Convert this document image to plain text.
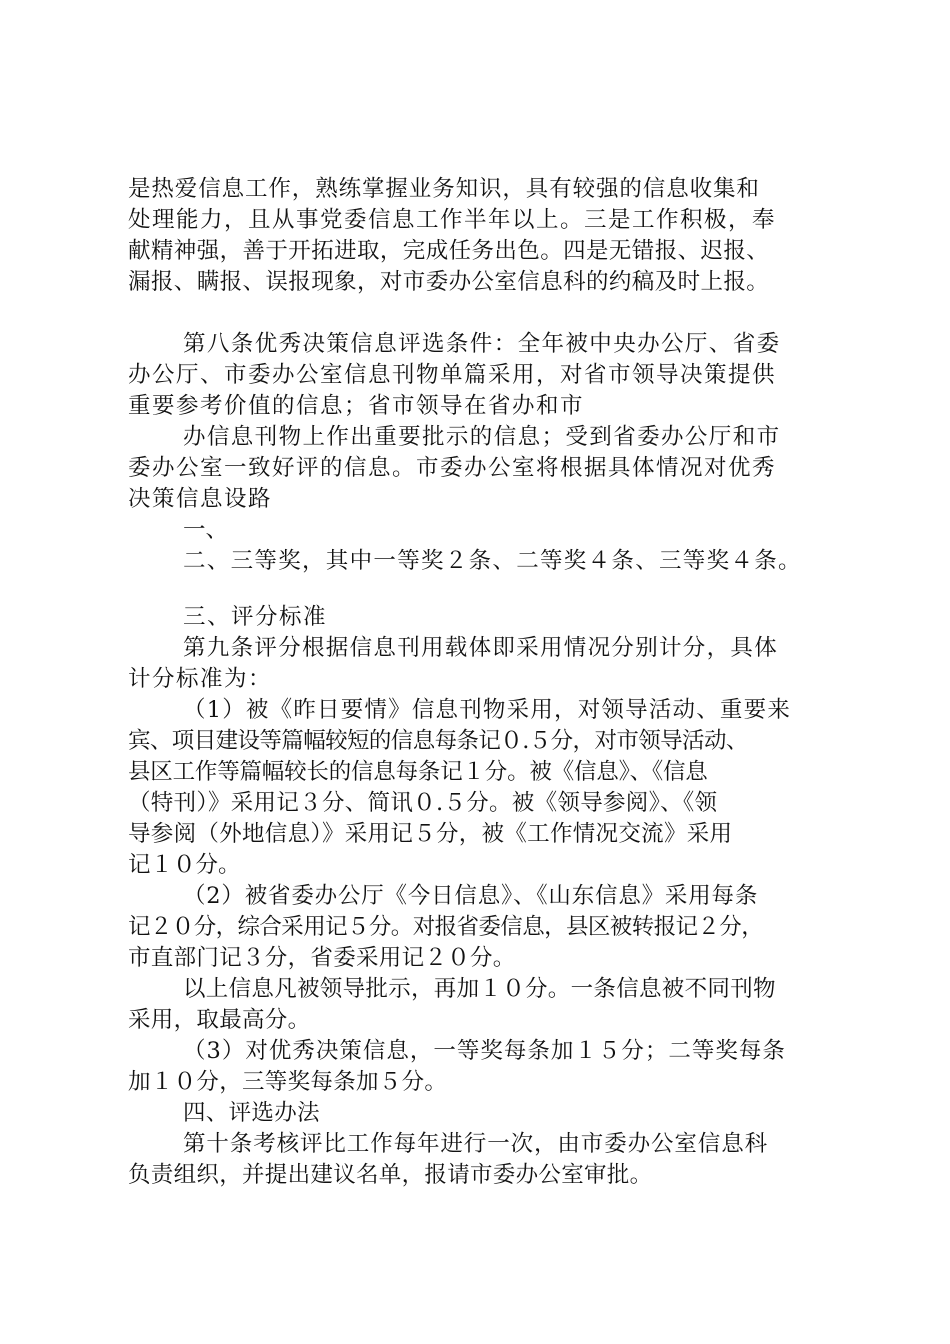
是热爱信息工作，熟练掌握业务知识，具有较强的信息收集和
处理能力，且从事党委信息工作半年以上。三是工作积极，奉
献精神强，善于开拓进取，完成任务出色。四是无错报、迟报、
漏报、瞒报、误报现象，对市委办公室信息科的约稿及时上报。
第八条优秀决策信息评选条件：全年被中央办公厅、省委
办公厅、市委办公室信息刊物单篇采用，对省市领导决策提供
重要参考价值的信息；省市领导在省办和市
办信息刊物上作出重要批示的信息；受到省委办公厅和市
委办公室一致好评的信息。市委办公室将根据具体情况对优秀
决策信息设路
一、
二、三等奖，其中一等奖２条、二等奖４条、三等奖４条。
三、评分标准
第九条评分根据信息刊用载体即采用情况分别计分，具体
计分标准为：
（1）被《昨日要情》信息刊物采用，对领导活动、重要来
宾、项目建设等篇幅较短的信息每条记０.５分，对市领导活动、
县区工作等篇幅较长的信息每条记１分。被《信息》、《信息
（特刊）》采用记３分、简讯０.５分。被《领导参阅》、《领
导参阅（外地信息）》采用记５分，被《工作情况交流》采用
记１０分。
（2）被省委办公厅《今日信息》、《山东信息》采用每条
记２０分，综合采用记５分。对报省委信息，县区被转报记２分，
市直部门记３分，省委采用记２０分。
以上信息凡被领导批示，再加１０分。一条信息被不同刊物
采用，取最高分。
（3）对优秀决策信息，一等奖每条加１５分；二等奖每条
加１０分，三等奖每条加５分。
四、评选办法
第十条考核评比工作每年进行一次，由市委办公室信息科
负责组织，并提出建议名单，报请市委办公室审批。
